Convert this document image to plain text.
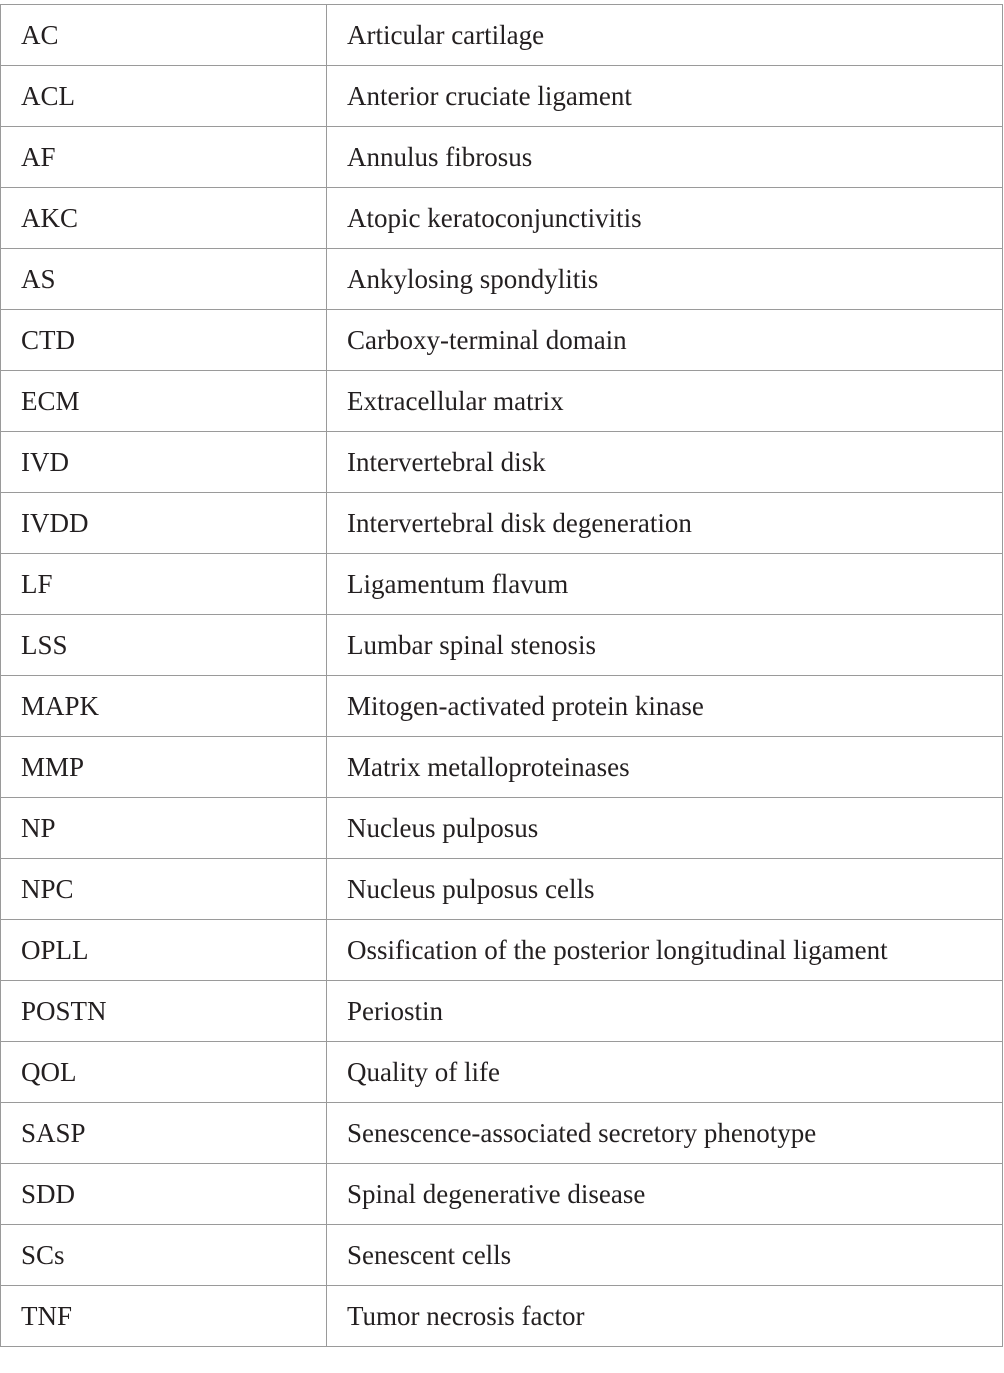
AC	Articular cartilage
ACL	Anterior cruciate ligament
AF	Annulus fibrosus
AKC	Atopic keratoconjunctivitis
AS	Ankylosing spondylitis
CTD	Carboxy-terminal domain
ECM	Extracellular matrix
IVD	Intervertebral disk
IVDD	Intervertebral disk degeneration
LF	Ligamentum flavum
LSS	Lumbar spinal stenosis
MAPK	Mitogen-activated protein kinase
MMP	Matrix metalloproteinases
NP	Nucleus pulposus
NPC	Nucleus pulposus cells
OPLL	Ossification of the posterior longitudinal ligament
POSTN	Periostin
QOL	Quality of life
SASP	Senescence-associated secretory phenotype
SDD	Spinal degenerative disease
SCs	Senescent cells
TNF	Tumor necrosis factor
